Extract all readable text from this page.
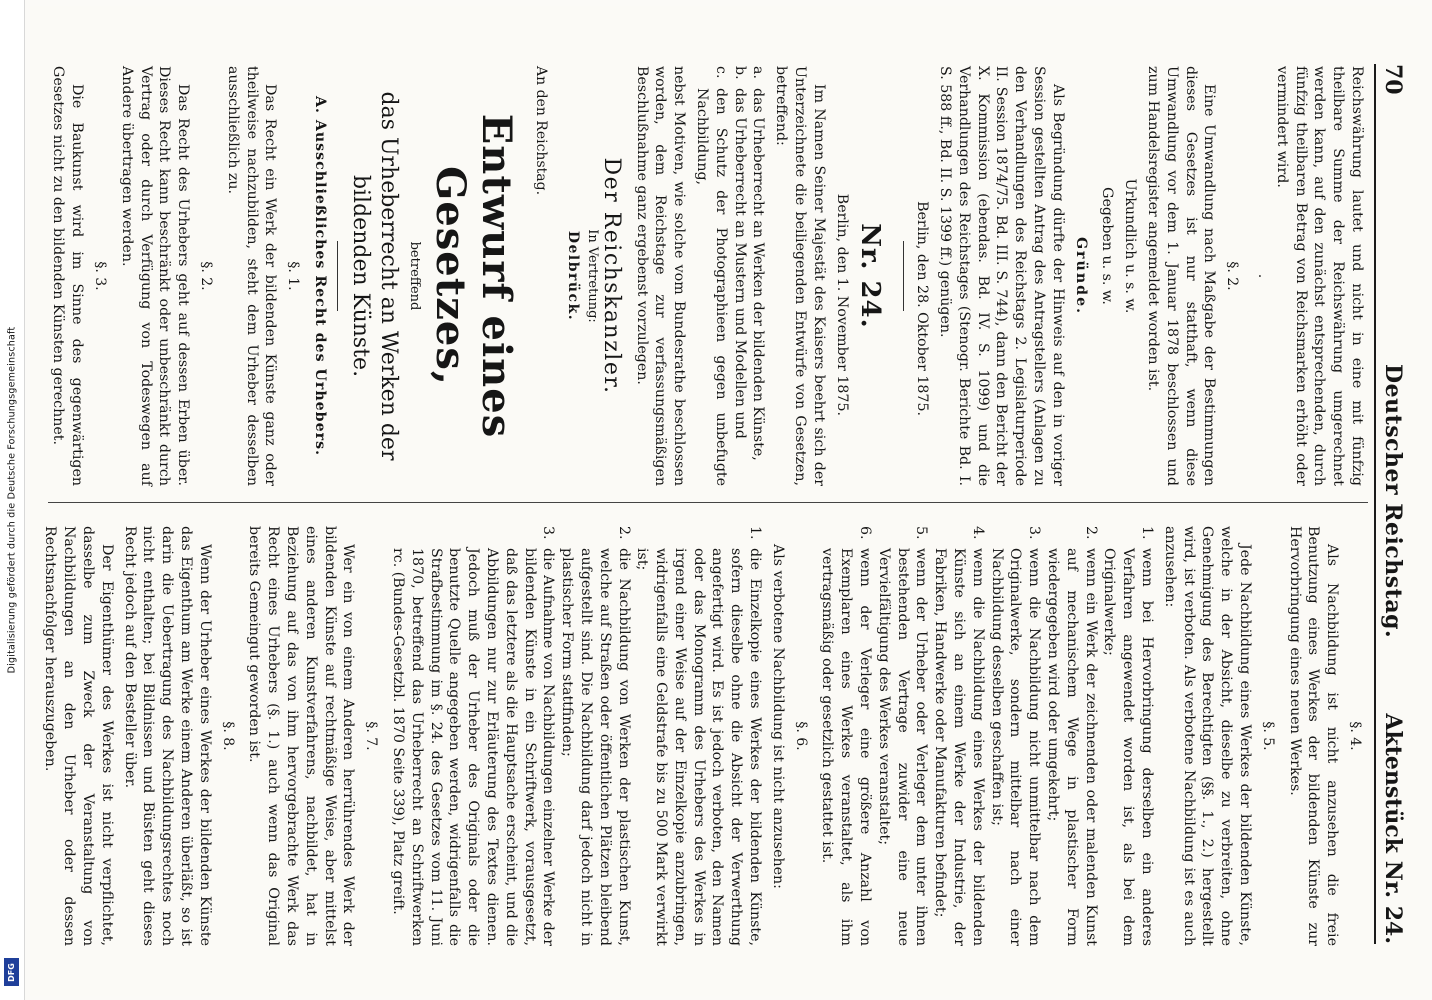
Digitalisierung gefördert durch die Deutsche Forschungsgemeinschaft
DFG
70
Deutscher Reichstag.
Aktenstück Nr. 24.

Reichswährung lautet und nicht in eine mit fünfzig theilbare Summe der Reichswährung umgerechnet werden kann, auf den zunächst entsprechenden, durch fünfzig theilbaren Betrag von Reichsmarken erhöht oder vermindert wird.

·
§. 2.

Eine Umwandlung nach Maßgabe der Bestimmungen dieses Gesetzes ist nur statthaft, wenn diese Umwandlung vor dem 1. Januar 1878 beschlossen und zum Handelsregister angemeldet worden ist.

Urkundlich u. s. w.

Gegeben u. s. w.

Gründe.

Als Begründung dürfte der Hinweis auf den in voriger Session gestellten Antrag des Antragstellers (Anlagen zu den Verhandlungen des Reichstags 2. Legislaturperiode II. Session 1874/75. Bd. III. S. 744), dann den Bericht der X. Kommission (ebendas. Bd. IV. S. 1099) und die Verhandlungen des Reichstages (Stenogr. Berichte Bd. I. S. 588 ff., Bd. II. S. 1399 ff.) genügen.

Berlin, den 28. Oktober 1875.

Nr. 24.

Berlin, den 1. November 1875.

Im Namen Seiner Majestät des Kaisers beehrt sich der Unterzeichnete die beiliegenden Entwürfe von Gesetzen, betreffend:

a.
das Urheberrecht an Werken der bildenden Künste,
b.
das Urheberrecht an Mustern und Modellen und
c.
den Schutz der Photographieen gegen unbefugte Nachbildung,

nebst Motiven, wie solche vom Bundesrathe beschlossen worden, dem Reichstage zur verfassungsmäßigen Beschlußnahme ganz ergebenst vorzulegen.

Der Reichskanzler.
In Vertretung:
Delbrück.

An den Reichstag.

Entwurf eines Gesetzes,
betreffend
das Urheberrecht an Werken der bildenden Künste.
A. Ausschließliches Recht des Urhebers.
§. 1.

Das Recht ein Werk der bildenden Künste ganz oder theilweise nachzubilden, steht dem Urheber desselben ausschließlich zu.

§. 2.

Das Recht des Urhebers geht auf dessen Erben über. Dieses Recht kann beschränkt oder unbeschränkt durch Vertrag oder durch Verfügung von Todeswegen auf Andere übertragen werden.

§. 3.

Die Baukunst wird im Sinne des gegenwärtigen Gesetzes nicht zu den bildenden Künsten gerechnet.

§. 4.

Als Nachbildung ist nicht anzusehen die freie Benutzung eines Werkes der bildenden Künste zur Hervorbringung eines neuen Werkes.

§. 5.

Jede Nachbildung eines Werkes der bildenden Künste, welche in der Absicht, dieselbe zu verbreiten, ohne Genehmigung des Berechtigten (§§. 1., 2.) hergestellt wird, ist verboten. Als verbotene Nachbildung ist es auch anzusehen:

1.
wenn bei Hervorbringung derselben ein anderes Verfahren angewendet worden ist, als bei dem Originalwerke;
2.
wenn ein Werk der zeichnenden oder malenden Kunst auf mechanischem Wege in plastischer Form wiedergegeben wird oder umgekehrt;
3.
wenn die Nachbildung nicht unmittelbar nach dem Originalwerke, sondern mittelbar nach einer Nachbildung desselben geschaffen ist;
4.
wenn die Nachbildung eines Werkes der bildenden Künste sich an einem Werke der Industrie, der Fabriken, Handwerke oder Manufakturen befindet;
5.
wenn der Urheber oder Verleger dem unter ihnen bestehenden Vertrage zuwider eine neue Vervielfältigung des Werkes veranstaltet;
6.
wenn der Verleger eine größere Anzahl von Exemplaren eines Werkes veranstaltet, als ihm vertragsmäßig oder gesetzlich gestattet ist.
§. 6.

Als verbotene Nachbildung ist nicht anzusehen:

1.
die Einzelkopie eines Werkes der bildenden Künste, sofern dieselbe ohne die Absicht der Verwerthung angefertigt wird. Es ist jedoch verboten, den Namen oder das Monogramm des Urhebers des Werkes in irgend einer Weise auf der Einzelkopie anzubringen, widrigenfalls eine Geldstrafe bis zu 500 Mark verwirkt ist;
2.
die Nachbildung von Werken der plastischen Kunst, welche auf Straßen oder öffentlichen Plätzen bleibend aufgestellt sind. Die Nachbildung darf jedoch nicht in plastischer Form stattfinden;
3.
die Aufnahme von Nachbildungen einzelner Werke der bildenden Künste in ein Schriftwerk, vorausgesetzt, daß das letztere als die Hauptsache erscheint, und die Abbildungen nur zur Erläuterung des Textes dienen. Jedoch muß der Urheber des Originals oder die benutzte Quelle angegeben werden, widrigenfalls die Strafbestimmung im §. 24. des Gesetzes vom 11. Juni 1870, betreffend das Urheberrecht an Schriftwerken rc. (Bundes-Gesetzbl. 1870 Seite 339), Platz greift.
§. 7.

Wer ein von einem Anderen herrührendes Werk der bildenden Künste auf rechtmäßige Weise, aber mittelst eines anderen Kunstverfahrens, nachbildet, hat in Beziehung auf das von ihm hervorgebrachte Werk das Recht eines Urhebers (§. 1.) auch wenn das Original bereits Gemeingut geworden ist.

§. 8.

Wenn der Urheber eines Werkes der bildenden Künste das Eigenthum am Werke einem Anderen überläßt, so ist darin die Uebertragung des Nachbildungsrechtes noch nicht enthalten; bei Bildnissen und Büsten geht dieses Recht jedoch auf den Besteller über.

Der Eigenthümer des Werkes ist nicht verpflichtet, dasselbe zum Zweck der Veranstaltung von Nachbildungen an den Urheber oder dessen Rechtsnachfolger herauszugeben.
